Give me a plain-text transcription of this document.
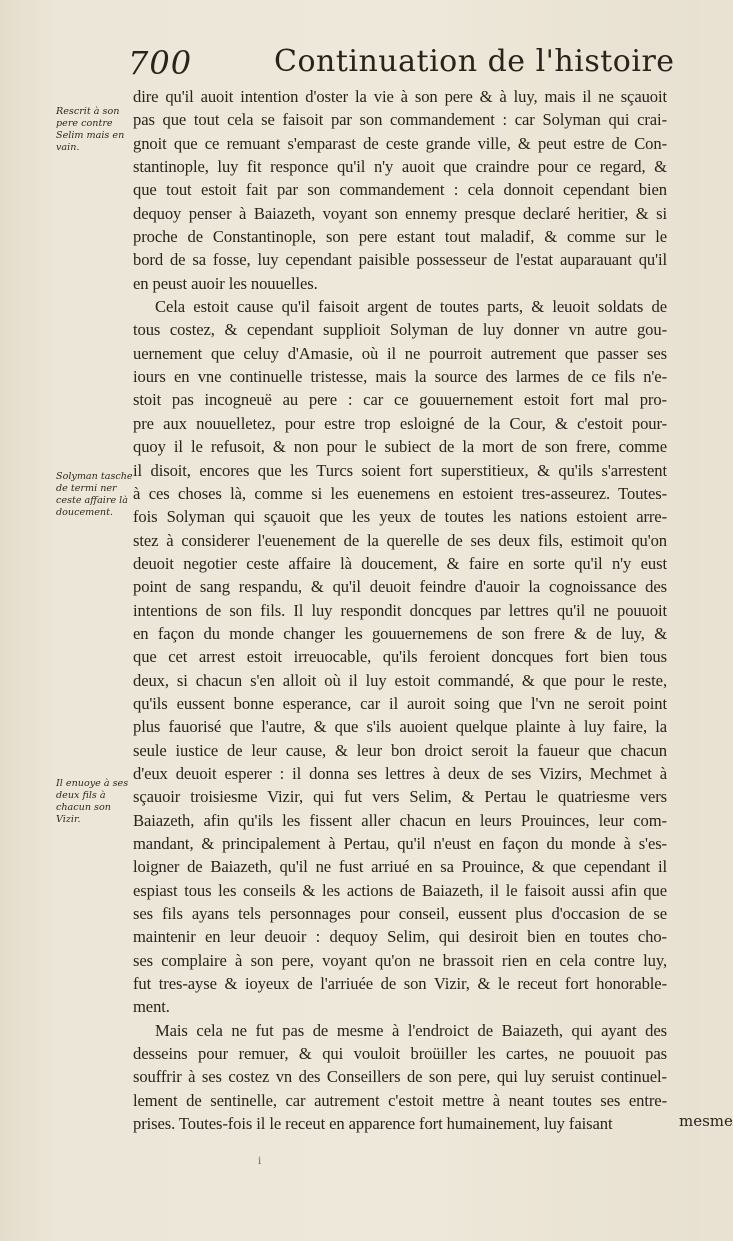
700	Continuation de l'histoire
Rescrit à son pere contre Selim mais en vain.
Solyman tasche de termi ner ceste affaire là doucement.
Il enuoye à ses deux fils à chacun son Vizir.
dire qu'il auoit intention d'oster la vie à son pere & à luy, mais il ne sçauoit
pas que tout cela se faisoit par son commandement : car Solyman qui crai-
gnoit que ce remuant s'emparast de ceste grande ville, & peut estre de Con-
stantinople, luy fit responce qu'il n'y auoit que craindre pour ce regard, &
que tout estoit fait par son commandement : cela donnoit cependant bien
dequoy penser à Baiazeth, voyant son ennemy presque declaré heritier, & si
proche de Constantinople, son pere estant tout maladif, & comme sur le
bord de sa fosse, luy cependant paisible possesseur de l'estat auparauant qu'il
en peust auoir les nouuelles.
Cela estoit cause qu'il faisoit argent de toutes parts, & leuoit soldats de
tous costez, & cependant supplioit Solyman de luy donner vn autre gou-
uernement que celuy d'Amasie, où il ne pourroit autrement que passer ses
iours en vne continuelle tristesse, mais la source des larmes de ce fils n'e-
stoit pas incogneuë au pere : car ce gouuernement estoit fort mal pro-
pre aux nouuelletez, pour estre trop esloigné de la Cour, & c'estoit pour-
quoy il le refusoit, & non pour le subiect de la mort de son frere, comme
il disoit, encores que les Turcs soient fort superstitieux, & qu'ils s'arrestent
à ces choses là, comme si les euenemens en estoient tres-asseurez. Toutes-
fois Solyman qui sçauoit que les yeux de toutes les nations estoient arre-
stez à considerer l'euenement de la querelle de ses deux fils, estimoit qu'on
deuoit negotier ceste affaire là doucement, & faire en sorte qu'il n'y eust
point de sang respandu, & qu'il deuoit feindre d'auoir la cognoissance des
intentions de son fils. Il luy respondit doncques par lettres qu'il ne pouuoit
en façon du monde changer les gouuernemens de son frere & de luy, &
que cet arrest estoit irreuocable, qu'ils feroient doncques fort bien tous
deux, si chacun s'en alloit où il luy estoit commandé, & que pour le reste,
qu'ils eussent bonne esperance, car il auroit soing que l'vn ne seroit point
plus fauorisé que l'autre, & que s'ils auoient quelque plainte à luy faire, la
seule iustice de leur cause, & leur bon droict seroit la faueur que chacun
d'eux deuoit esperer : il donna ses lettres à deux de ses Vizirs, Mechmet à
sçauoir troisiesme Vizir, qui fut vers Selim, & Pertau le quatriesme vers
Baiazeth, afin qu'ils les fissent aller chacun en leurs Prouinces, leur com-
mandant, & principalement à Pertau, qu'il n'eust en façon du monde à s'es-
loigner de Baiazeth, qu'il ne fust arriué en sa Prouince, & que cependant il
espiast tous les conseils & les actions de Baiazeth, il le faisoit aussi afin que
ses fils ayans tels personnages pour conseil, eussent plus d'occasion de se
maintenir en leur deuoir : dequoy Selim, qui desiroit bien en toutes cho-
ses complaire à son pere, voyant qu'on ne brassoit rien en cela contre luy,
fut tres-ayse & ioyeux de l'arriuée de son Vizir, & le receut fort honorable-
ment.
Mais cela ne fut pas de mesme à l'endroict de Baiazeth, qui ayant des
desseins pour remuer, & qui vouloit broüiller les cartes, ne pouuoit pas
souffrir à ses costez vn des Conseillers de son pere, qui luy seruist continuel-
lement de sentinelle, car autrement c'estoit mettre à neant toutes ses entre-
prises. Toutes-fois il le receut en apparence fort humainement, luy faisant	mesme
i
